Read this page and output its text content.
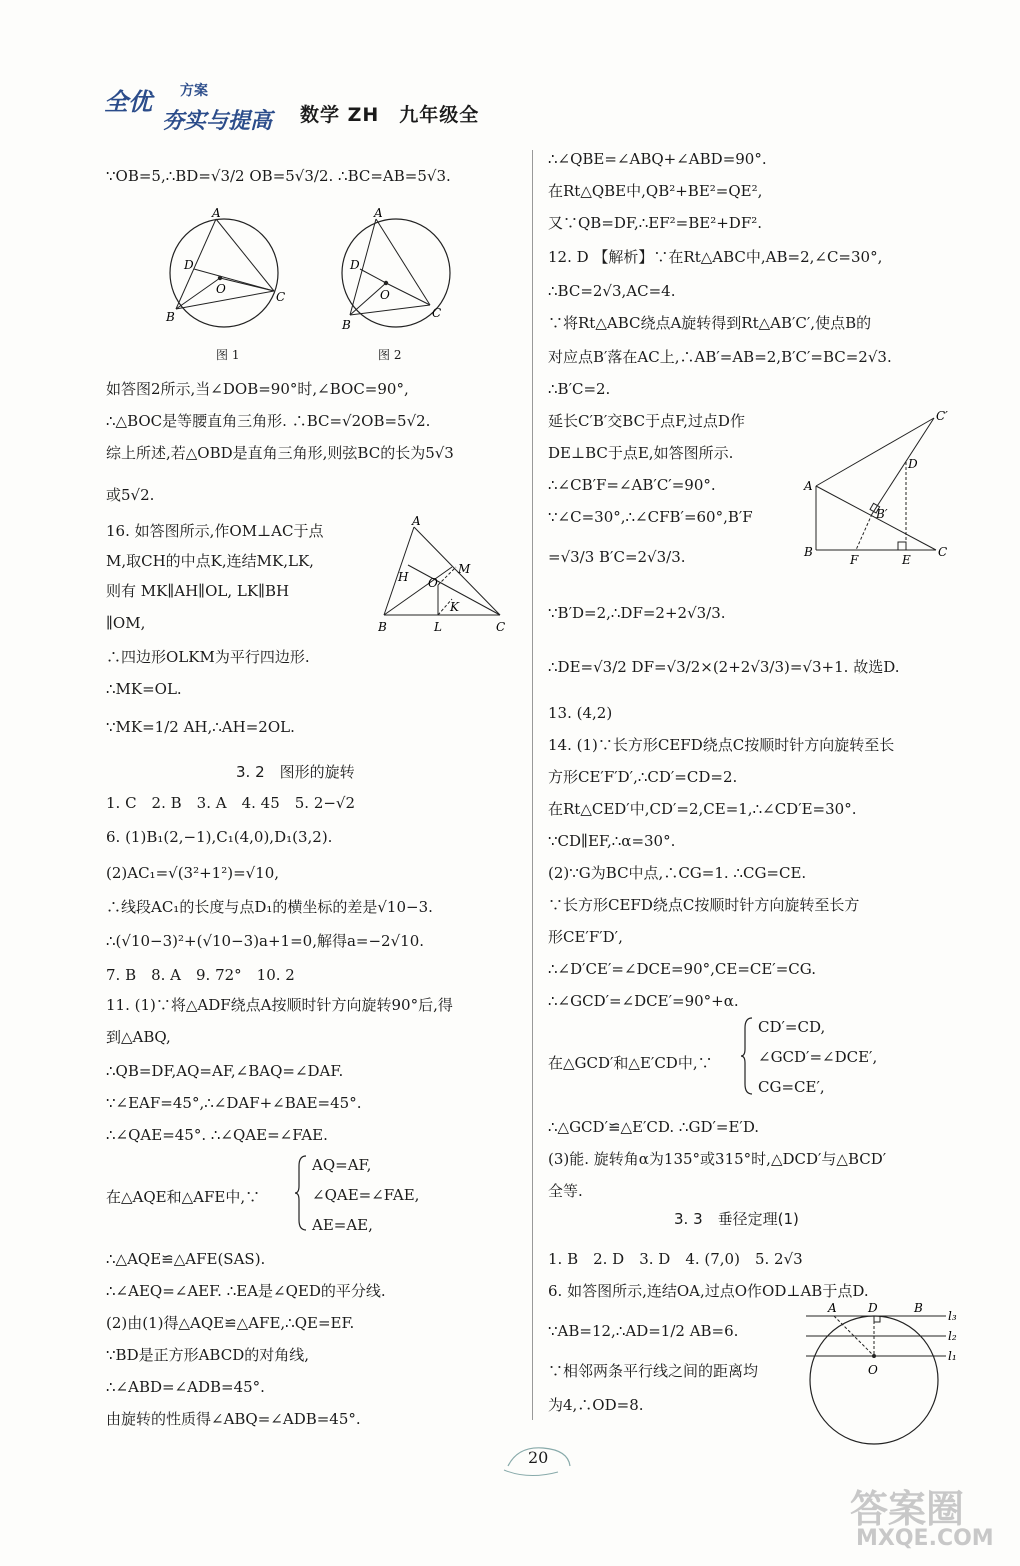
全优 方案
夯实与提高 数学 ZH　九年级全
A
D
O
B
C
图 1
A
D
O
B
C
图 2
A
H O
M
K
B	L	C
3. 2　图形的旋转
∵OB=5,∴BD=√3/2 OB=5√3/2. ∴BC=AB=5√3.
如答图2所示,当∠DOB=90°时,∠BOC=90°,
∴△BOC是等腰直角三角形. ∴BC=√2OB=5√2.
综上所述,若△OBD是直角三角形,则弦BC的长为5√3
或5√2.
16. 如答图所示,作OM⊥AC于点
M,取CH的中点K,连结MK,LK,
则有 MK∥AH∥OL, LK∥BH
∥OM,
∴四边形OLKM为平行四边形.
∴MK=OL.
∵MK=1/2 AH,∴AH=2OL.
1. C　2. B　3. A　4. 45　5. 2−√2
6. (1)B₁(2,−1),C₁(4,0),D₁(3,2).
(2)AC₁=√(3²+1²)=√10,
∴线段AC₁的长度与点D₁的横坐标的差是√10−3.
∴(√10−3)²+(√10−3)a+1=0,解得a=−2√10.
7. B　8. A　9. 72°　10. 2
11. (1)∵将△ADF绕点A按顺时针方向旋转90°后,得
到△ABQ,
∴QB=DF,AQ=AF,∠BAQ=∠DAF.
∵∠EAF=45°,∴∠DAF+∠BAE=45°.
∴∠QAE=45°. ∴∠QAE=∠FAE.
在△AQE和△AFE中,∵
∴△AQE≌△AFE(SAS).
∴∠AEQ=∠AEF. ∴EA是∠QED的平分线.
(2)由(1)得△AQE≌△AFE,∴QE=EF.
∵BD是正方形ABCD的对角线,
∴∠ABD=∠ADB=45°.
由旋转的性质得∠ABQ=∠ADB=45°.
AQ=AF,
∠QAE=∠FAE,
AE=AE,
A
B	C
C′
D
B′
F	E
3. 3　垂径定理(1)
A	D	B
O
l₃
l₂
l₁
∴∠QBE=∠ABQ+∠ABD=90°.
在Rt△QBE中,QB²+BE²=QE²,
又∵QB=DF,∴EF²=BE²+DF².
12. D 【解析】∵在Rt△ABC中,AB=2,∠C=30°,
∴BC=2√3,AC=4.
∵将Rt△ABC绕点A旋转得到Rt△AB′C′,使点B的
对应点B′落在AC上,∴AB′=AB=2,B′C′=BC=2√3.
∴B′C=2.
延长C′B′交BC于点F,过点D作
DE⊥BC于点E,如答图所示.
∴∠CB′F=∠AB′C′=90°.
∵∠C=30°,∴∠CFB′=60°,B′F
=√3/3 B′C=2√3/3.
∵B′D=2,∴DF=2+2√3/3.
∴DE=√3/2 DF=√3/2×(2+2√3/3)=√3+1. 故选D.
13. (4,2)
14. (1)∵长方形CEFD绕点C按顺时针方向旋转至长
方形CE′F′D′,∴CD′=CD=2.
在Rt△CED′中,CD′=2,CE=1,∴∠CD′E=30°.
∵CD∥EF,∴α=30°.
(2)∵G为BC中点,∴CG=1. ∴CG=CE.
∵长方形CEFD绕点C按顺时针方向旋转至长方
形CE′F′D′,
∴∠D′CE′=∠DCE=90°,CE=CE′=CG.
∴∠GCD′=∠DCE′=90°+α.
在△GCD′和△E′CD中,∵
∴△GCD′≌△E′CD. ∴GD′=E′D.
(3)能. 旋转角α为135°或315°时,△DCD′与△BCD′
全等.
1. B　2. D　3. D　4. (7,0)　5. 2√3
6. 如答图所示,连结OA,过点O作OD⊥AB于点D.
∵AB=12,∴AD=1/2 AB=6.
∵相邻两条平行线之间的距离均
为4,∴OD=8.
CD′=CD,
∠GCD′=∠DCE′,
CG=CE′,
20
答案圈
MXQE.COM
